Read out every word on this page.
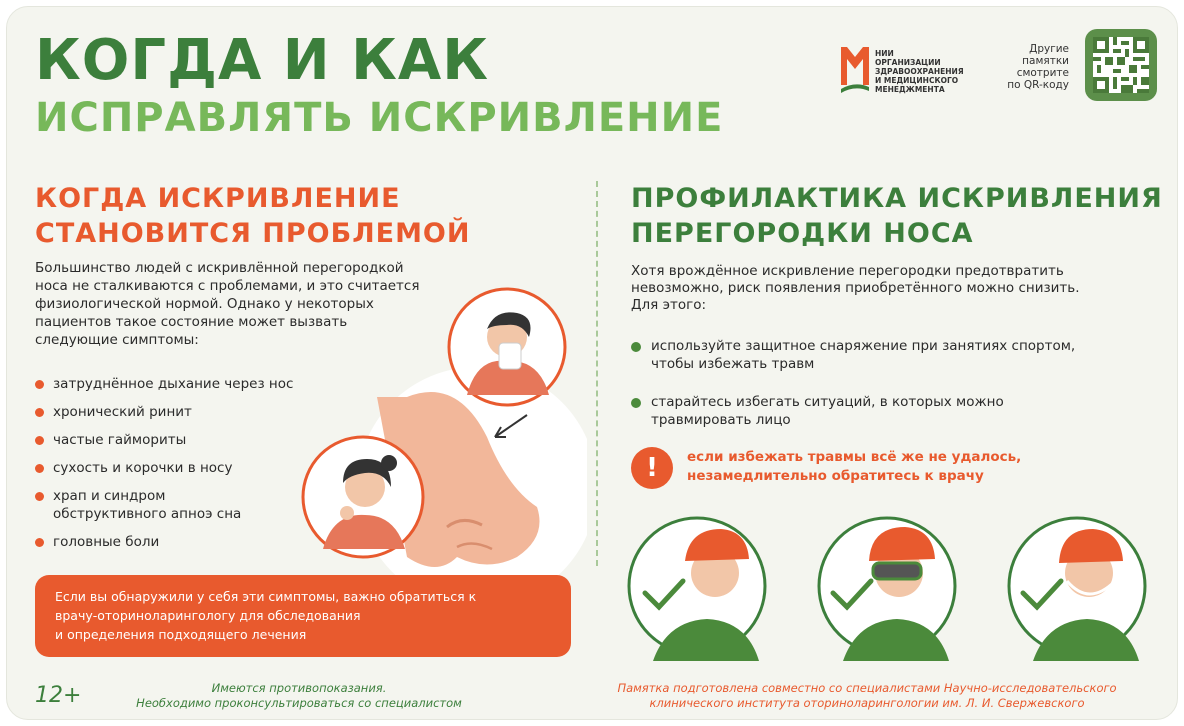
КОГДА И КАК
ИСПРАВЛЯТЬ ИСКРИВЛЕНИЕ
НИИ
ОРГАНИЗАЦИИ
ЗДРАВООХРАНЕНИЯ
И МЕДИЦИНСКОГО
МЕНЕДЖМЕНТА
Другие
памятки
смотрите
по QR-коду
КОГДА ИСКРИВЛЕНИЕ
СТАНОВИТСЯ ПРОБЛЕМОЙ
Большинство людей с искривлённой перегородкой
носа не сталкиваются с проблемами, и это считается
физиологической нормой. Однако у некоторых
пациентов такое состояние может вызвать
следующие симптомы:
затруднённое дыхание через нос
хронический ринит
частые гаймориты
сухость и корочки в носу
храп и синдром
обструктивного апноэ сна
головные боли
Если вы обнаружили у себя эти симптомы, важно обратиться к
врачу-оториноларингологу для обследования
и определения подходящего лечения
ПРОФИЛАКТИКА ИСКРИВЛЕНИЯ
ПЕРЕГОРОДКИ НОСА
Хотя врождённое искривление перегородки предотвратить
невозможно, риск появления приобретённого можно снизить.
Для этого:
используйте защитное снаряжение при занятиях спортом,
чтобы избежать травм
старайтесь избегать ситуаций, в которых можно
травмировать лицо
!	если избежать травмы всё же не удалось,
незамедлительно обратитесь к врачу
12+	Имеются противопоказания.
Необходимо проконсультироваться со специалистом
Памятка подготовлена совместно со специалистами Научно-исследовательского
клинического института оториноларингологии им. Л. И. Свержевского
